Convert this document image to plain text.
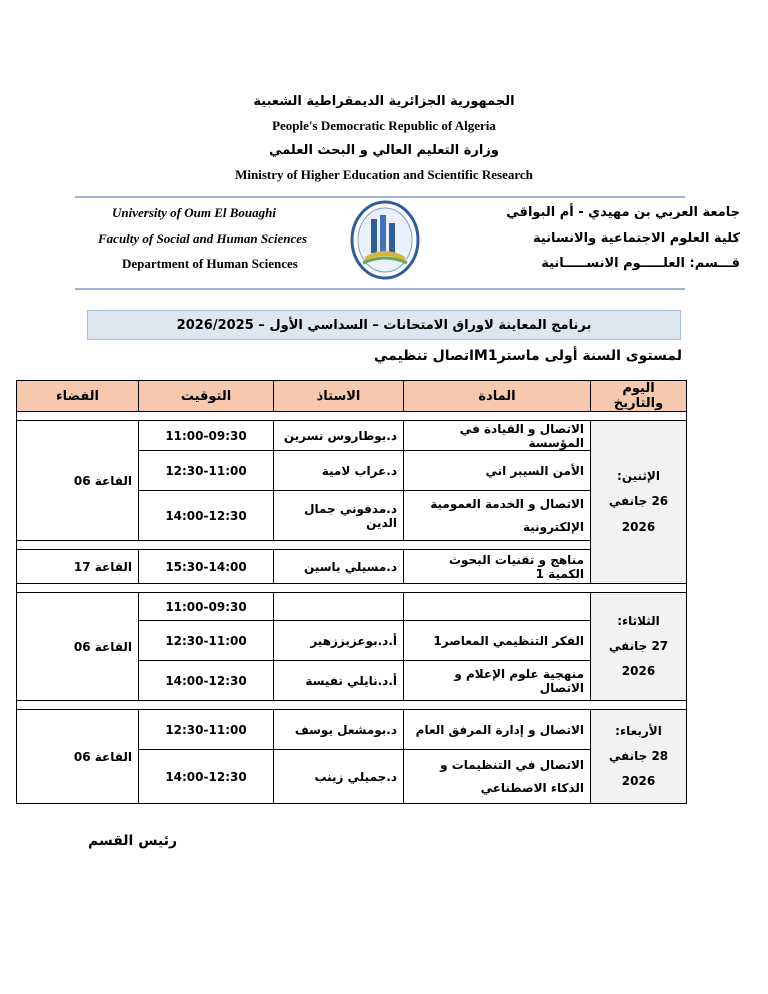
الجمهورية الجزائرية الديمقراطية الشعبية
People's Democratic Republic of Algeria
وزارة التعليم العالي و البحث العلمي
Ministry of Higher Education and Scientific Research
University of Oum El Bouaghi
Faculty of Social and Human Sciences
Department of Human Sciences
جامعة العربي بن مهيدي - أم البواقي
كلية العلوم الاجتماعية والانسانية
قـــسم: العلـــــوم الانســـــانية
برنامج المعاينة لاوراق الامتحانات – السداسي الأول – 2026/2025
لمستوى السنة أولى ماسترM1اتصال تنظيمي
اليوم والتاريخ	المادة	الاستاذ	التوقيت	الفضاء

الإثنين:
26 جانفي 2026	الاتصال و القيادة في المؤسسة	د.بوطاروس نسرين	11:00-09:30	القاعة 06
	الأمن السيبر اني	د.عراب لامية	12:30-11:00	
	الاتصال و الخدمة العمومية الإلكترونية	د.مدفوني جمال الدين	14:00-12:30	

	مناهج و تقنيات البحوث الكمية 1	د.مسيلي ياسين	15:30-14:00	القاعة 17

الثلاثاء:
27 جانفي 2026			11:00-09:30	القاعة 06
	الفكر التنظيمي المعاصر1	أ.د.بوعزيززهير	12:30-11:00	
	منهجية علوم الإعلام و الاتصال	أ.د.نايلي نفيسة	14:00-12:30	

الأربعاء:
28 جانفي 2026	الاتصال و إدارة المرفق العام	د.بومشعل يوسف	12:30-11:00	القاعة 06
	الاتصال في التنظيمات و الذكاء الاصطناعي	د.جميلي زينب	14:00-12:30	
رئيس القسم
